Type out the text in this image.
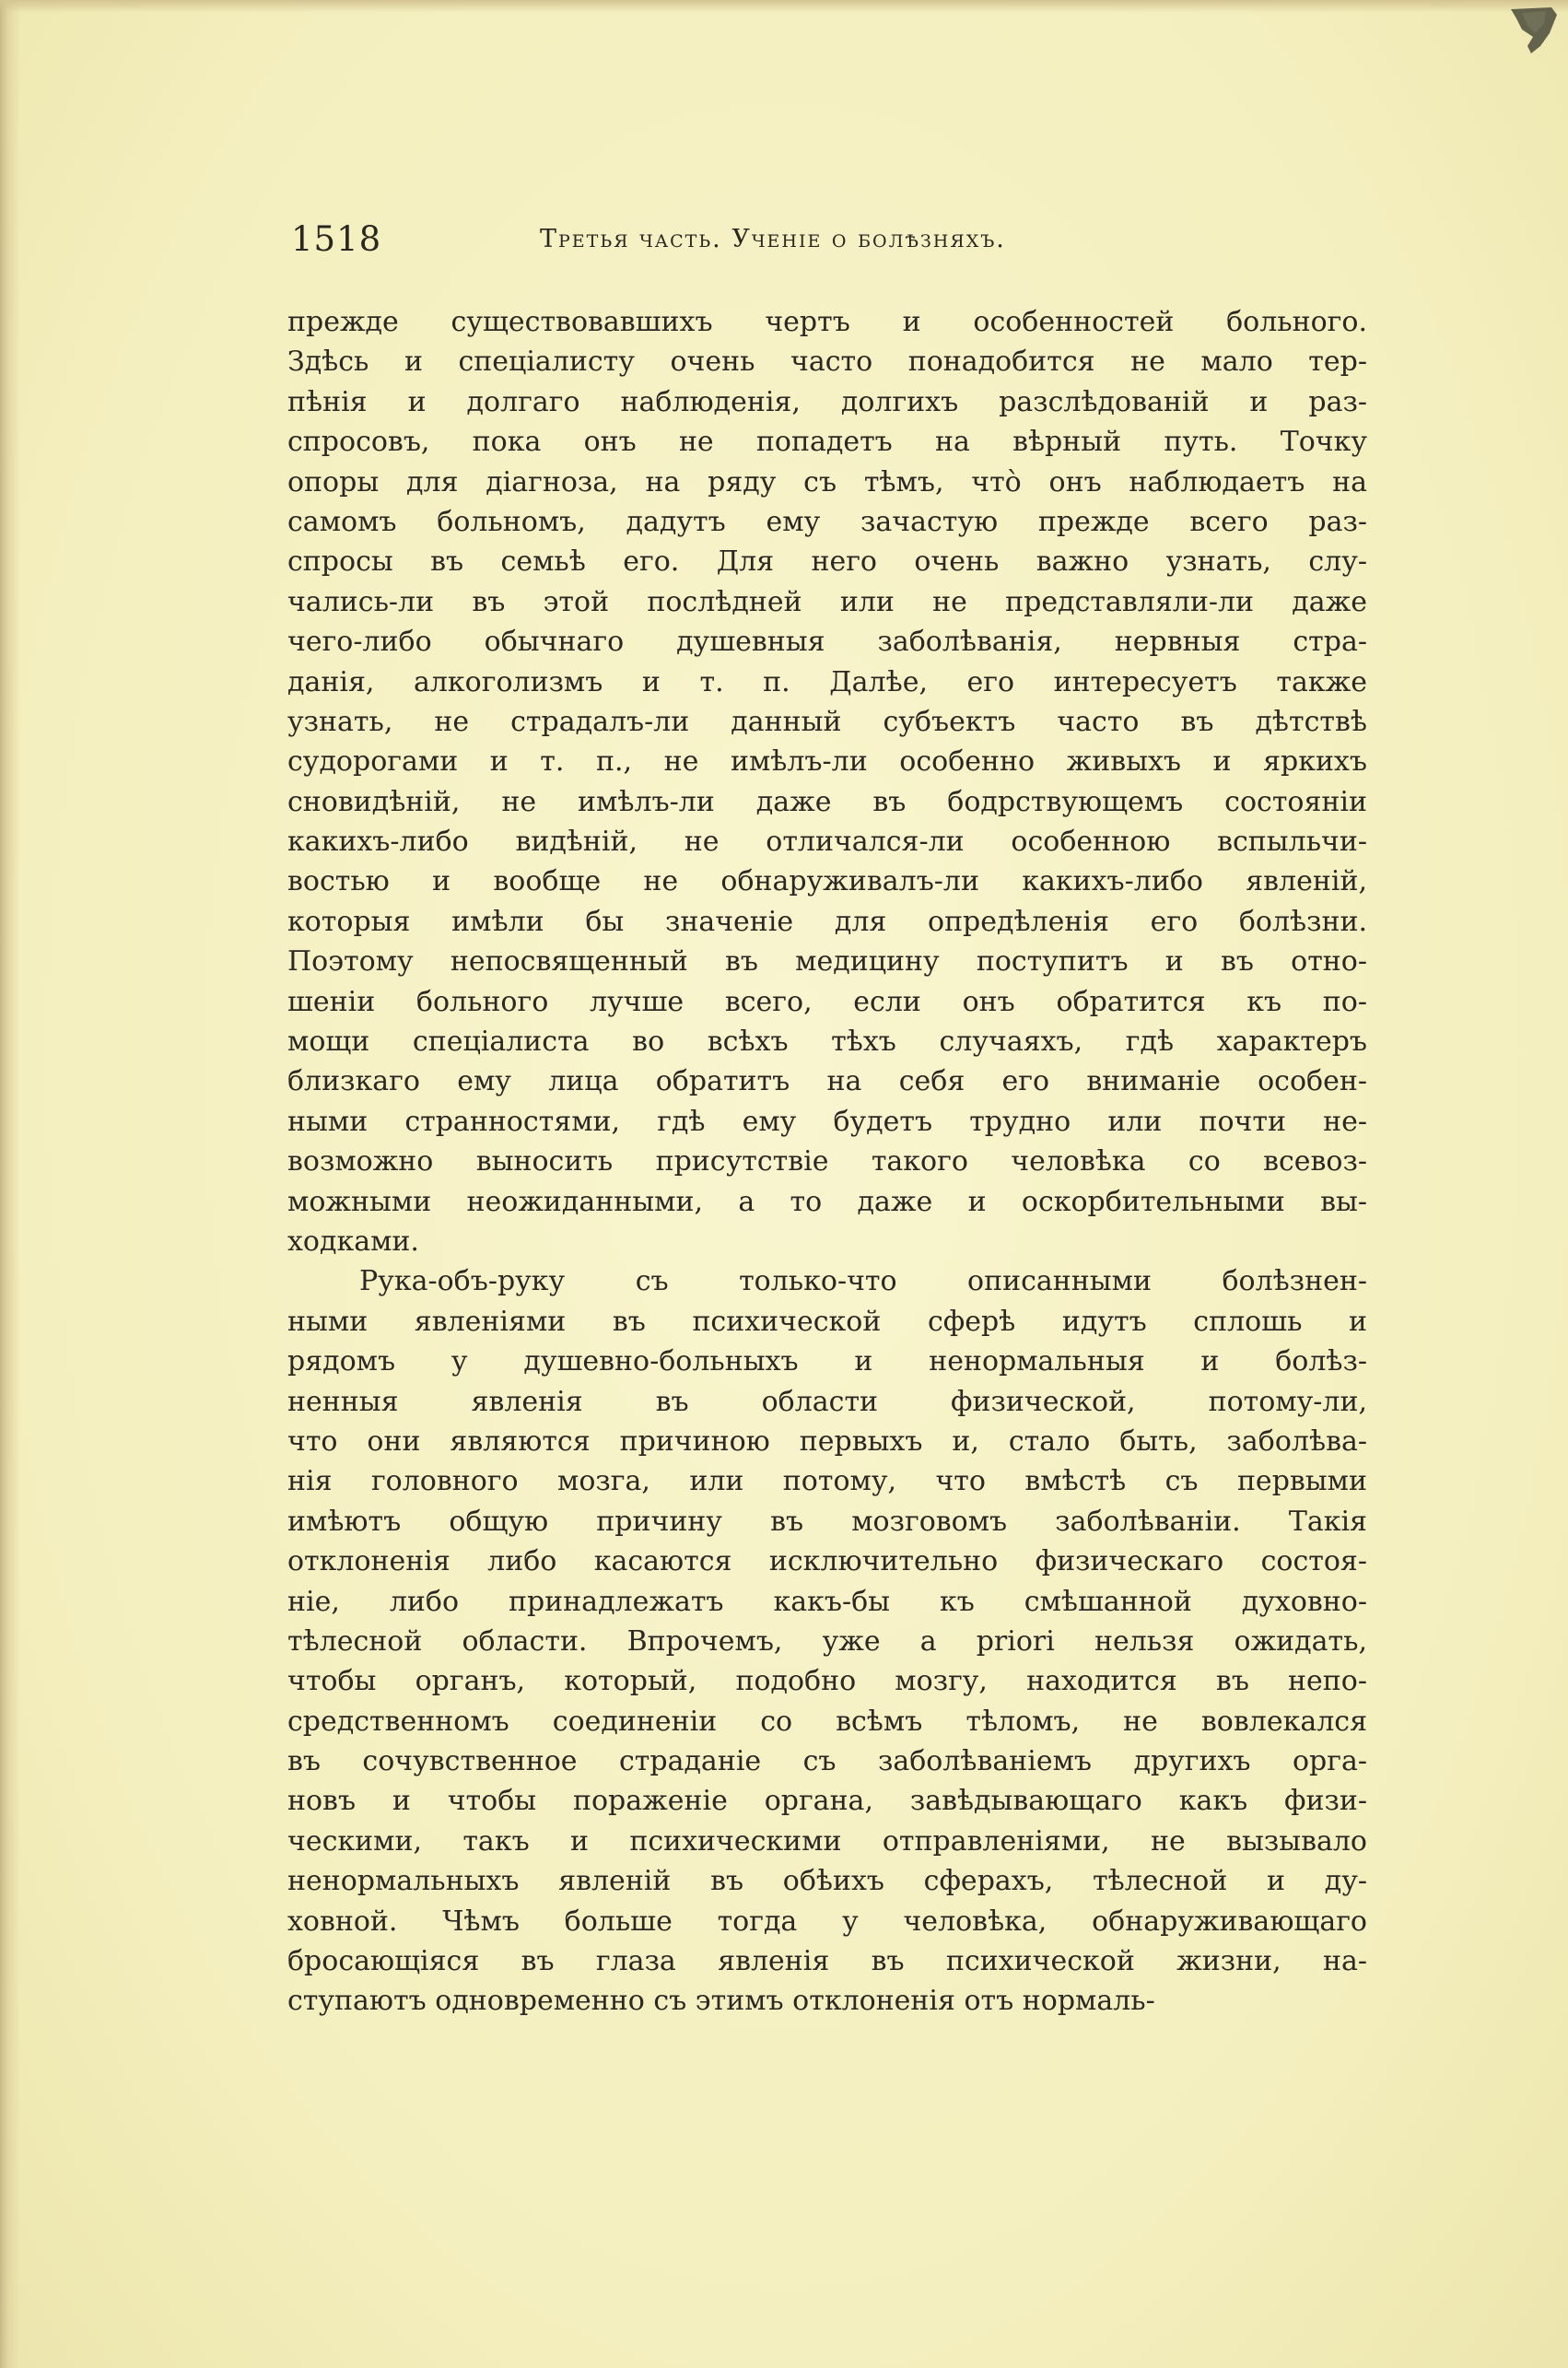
1518	Третья часть. Ученіе о болѣзняхъ.
прежде существовавшихъ чертъ и особенностей больного.
Здѣсь и спеціалисту очень часто понадобится не мало тер-
пѣнія и долгаго наблюденія, долгихъ разслѣдованій и раз-
спросовъ, пока онъ не попадетъ на вѣрный путь. Точку
опоры для діагноза, на ряду съ тѣмъ, что̀ онъ наблюдаетъ на
самомъ больномъ, дадутъ ему зачастую прежде всего раз-
спросы въ семьѣ его. Для него очень важно узнать, слу-
чались-ли въ этой послѣдней или не представляли-ли даже
чего-либо обычнаго душевныя заболѣванія, нервныя стра-
данія, алкоголизмъ и т. п. Далѣе, его интересуетъ также
узнать, не страдалъ-ли данный субъектъ часто въ дѣтствѣ
судорогами и т. п., не имѣлъ-ли особенно живыхъ и яркихъ
сновидѣній, не имѣлъ-ли даже въ бодрствующемъ состояніи
какихъ-либо видѣній, не отличался-ли особенною вспыльчи-
востью и вообще не обнаруживалъ-ли какихъ-либо явленій,
которыя имѣли бы значеніе для опредѣленія его болѣзни.
Поэтому непосвященный въ медицину поступитъ и въ отно-
шеніи больного лучше всего, если онъ обратится къ по-
мощи спеціалиста во всѣхъ тѣхъ случаяхъ, гдѣ характеръ
близкаго ему лица обратитъ на себя его вниманіе особен-
ными странностями, гдѣ ему будетъ трудно или почти не-
возможно выносить присутствіе такого человѣка со всевоз-
можными неожиданными, а то даже и оскорбительными вы-
ходками.
Рука-объ-руку съ только-что описанными болѣзнен-
ными явленіями въ психической сферѣ идутъ сплошь и
рядомъ у душевно-больныхъ и ненормальныя и болѣз-
ненныя явленія въ области физической, потому-ли,
что они являются причиною первыхъ и, стало быть, заболѣва-
нія головного мозга, или потому, что вмѣстѣ съ первыми
имѣютъ общую причину въ мозговомъ заболѣваніи. Такія
отклоненія либо касаются исключительно физическаго состоя-
ніе, либо принадлежатъ какъ-бы къ смѣшанной духовно-
тѣлесной области. Впрочемъ, уже a priori нельзя ожидать,
чтобы органъ, который, подобно мозгу, находится въ непо-
средственномъ соединеніи со всѣмъ тѣломъ, не вовлекался
въ сочувственное страданіе съ заболѣваніемъ другихъ орга-
новъ и чтобы пораженіе органа, завѣдывающаго какъ физи-
ческими, такъ и психическими отправленіями, не вызывало
ненормальныхъ явленій въ обѣихъ сферахъ, тѣлесной и ду-
ховной. Чѣмъ больше тогда у человѣка, обнаруживающаго
бросающіяся въ глаза явленія въ психической жизни, на-
ступаютъ одновременно съ этимъ отклоненія отъ нормаль-
